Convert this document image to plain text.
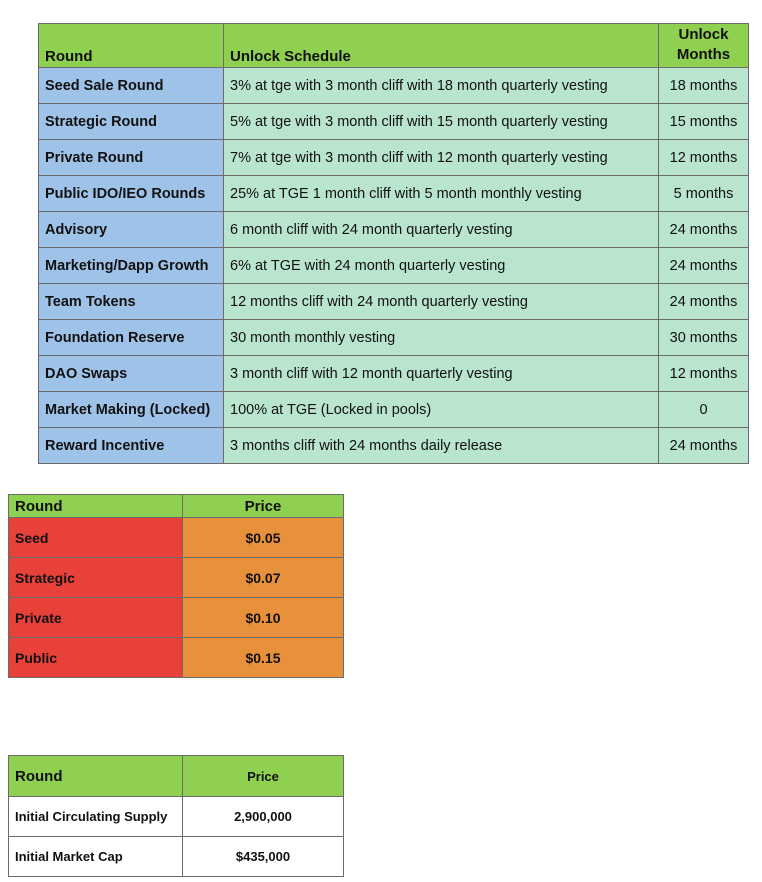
Round	Unlock Schedule	Unlock
Months
Seed Sale Round	3% at tge with 3 month cliff with 18 month quarterly vesting	18 months
Strategic Round	5% at tge with 3 month cliff with 15 month quarterly vesting	15 months
Private Round	7% at tge with 3 month cliff with 12 month quarterly vesting	12 months
Public IDO/IEO Rounds	25% at TGE 1 month cliff with 5 month monthly vesting	5 months
Advisory	6 month cliff with 24 month quarterly vesting	24 months
Marketing/Dapp Growth	6% at TGE with 24 month quarterly vesting	24 months
Team Tokens	12 months cliff with 24 month quarterly vesting	24 months
Foundation Reserve	30 month monthly vesting	30 months
DAO Swaps	3 month cliff with 12 month quarterly vesting	12 months
Market Making (Locked)	100% at TGE (Locked in pools)	0
Reward Incentive	3 months cliff with 24 months daily release	24 months
Round	Price
Seed	$0.05
Strategic	$0.07
Private	$0.10
Public	$0.15
Round	Price
Initial Circulating Supply	2,900,000
Initial Market Cap	$435,000
